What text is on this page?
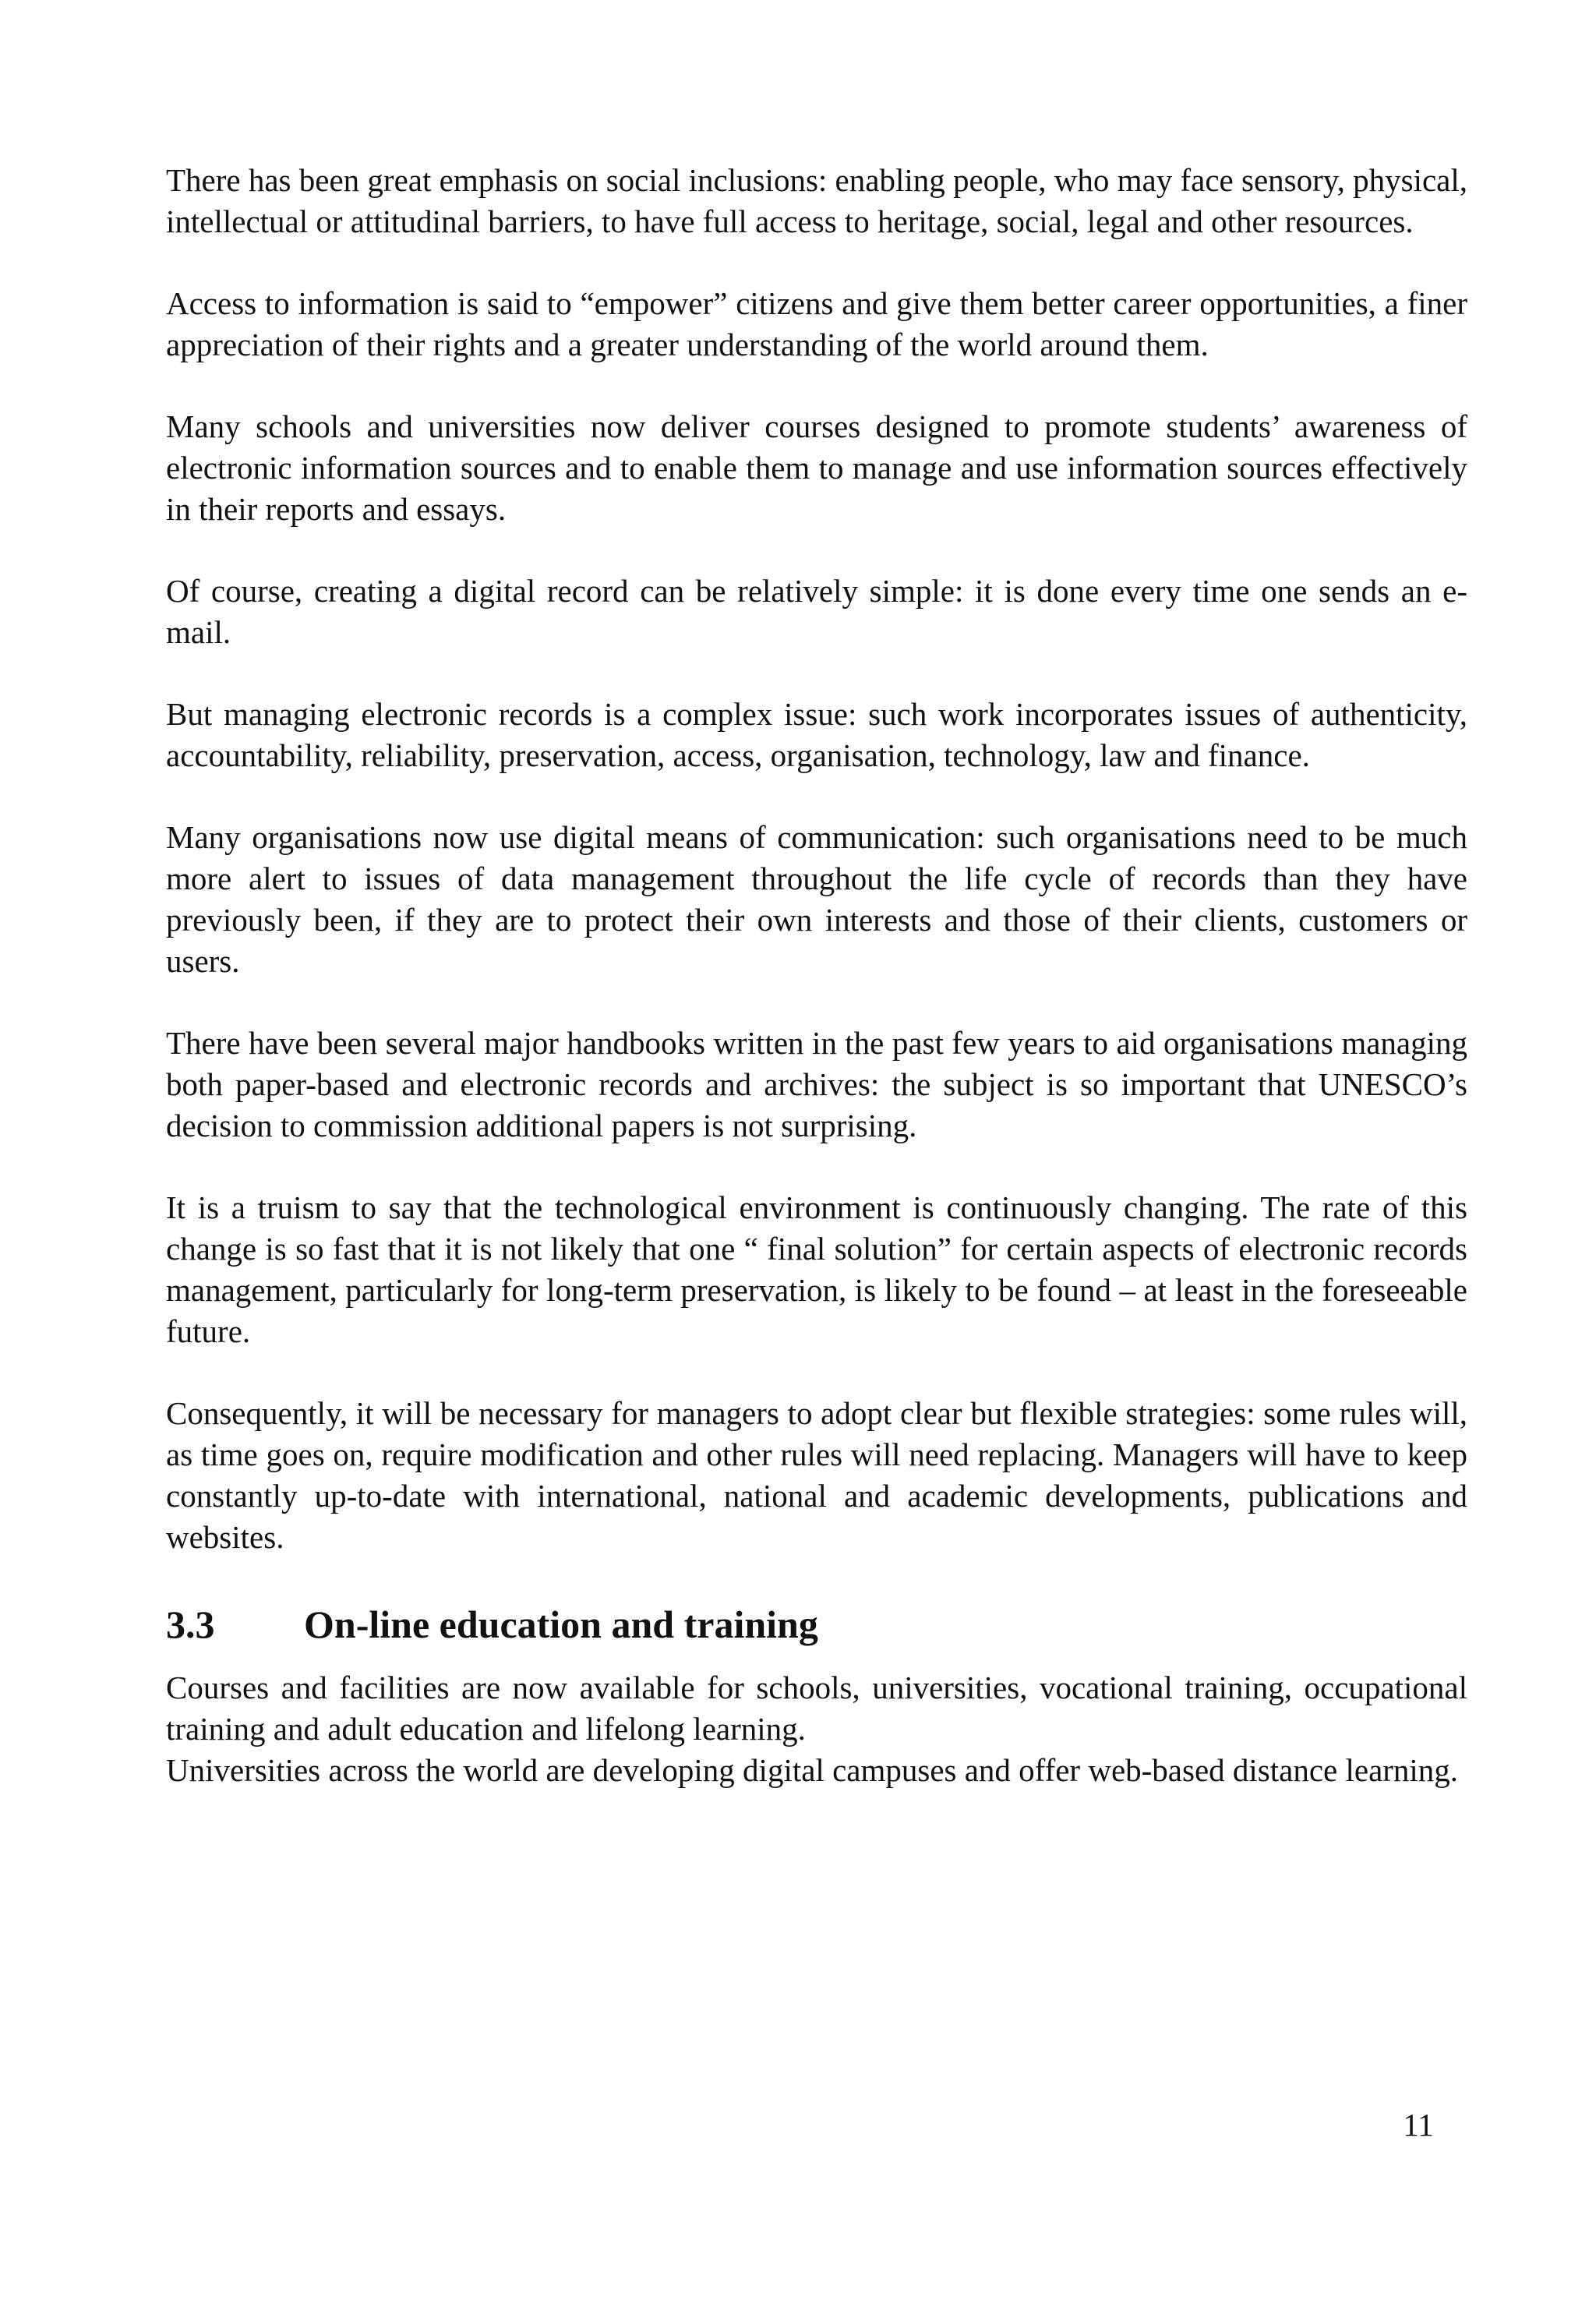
There has been great emphasis on social inclusions: enabling people, who may face sensory, physical, intellectual or attitudinal barriers, to have full access to heritage, social, legal and other resources.

Access to information is said to “empower” citizens and give them better career opportunities, a finer appreciation of their rights and a greater understanding of the world around them.

Many schools and universities now deliver courses designed to promote students’ awareness of electronic information sources and to enable them to manage and use information sources effectively in their reports and essays.

Of course, creating a digital record can be relatively simple: it is done every time one sends an e-mail.

But managing electronic records is a complex issue: such work incorporates issues of authenticity, accountability, reliability, preservation, access, organisation, technology, law and finance.

Many organisations now use digital means of communication: such organisations need to be much more alert to issues of data management throughout the life cycle of records than they have previously been, if they are to protect their own interests and those of their clients, customers or users.

There have been several major handbooks written in the past few years to aid organisations managing both paper-based and electronic records and archives: the subject is so important that UNESCO’s decision to commission additional papers is not surprising.

It is a truism to say that the technological environment is continuously changing. The rate of this change is so fast that it is not likely that one “ final solution” for certain aspects of electronic records management, particularly for long-term preservation, is likely to be found – at least in the foreseeable future.

Consequently, it will be necessary for managers to adopt clear but flexible strategies: some rules will, as time goes on, require modification and other rules will need replacing. Managers will have to keep constantly up-to-date with international, national and academic developments, publications and websites.

3.3	On-line education and training

Courses and facilities are now available for schools, universities, vocational training, occupational training and adult education and lifelong learning.

Universities across the world are developing digital campuses and offer web-based distance learning.

11
